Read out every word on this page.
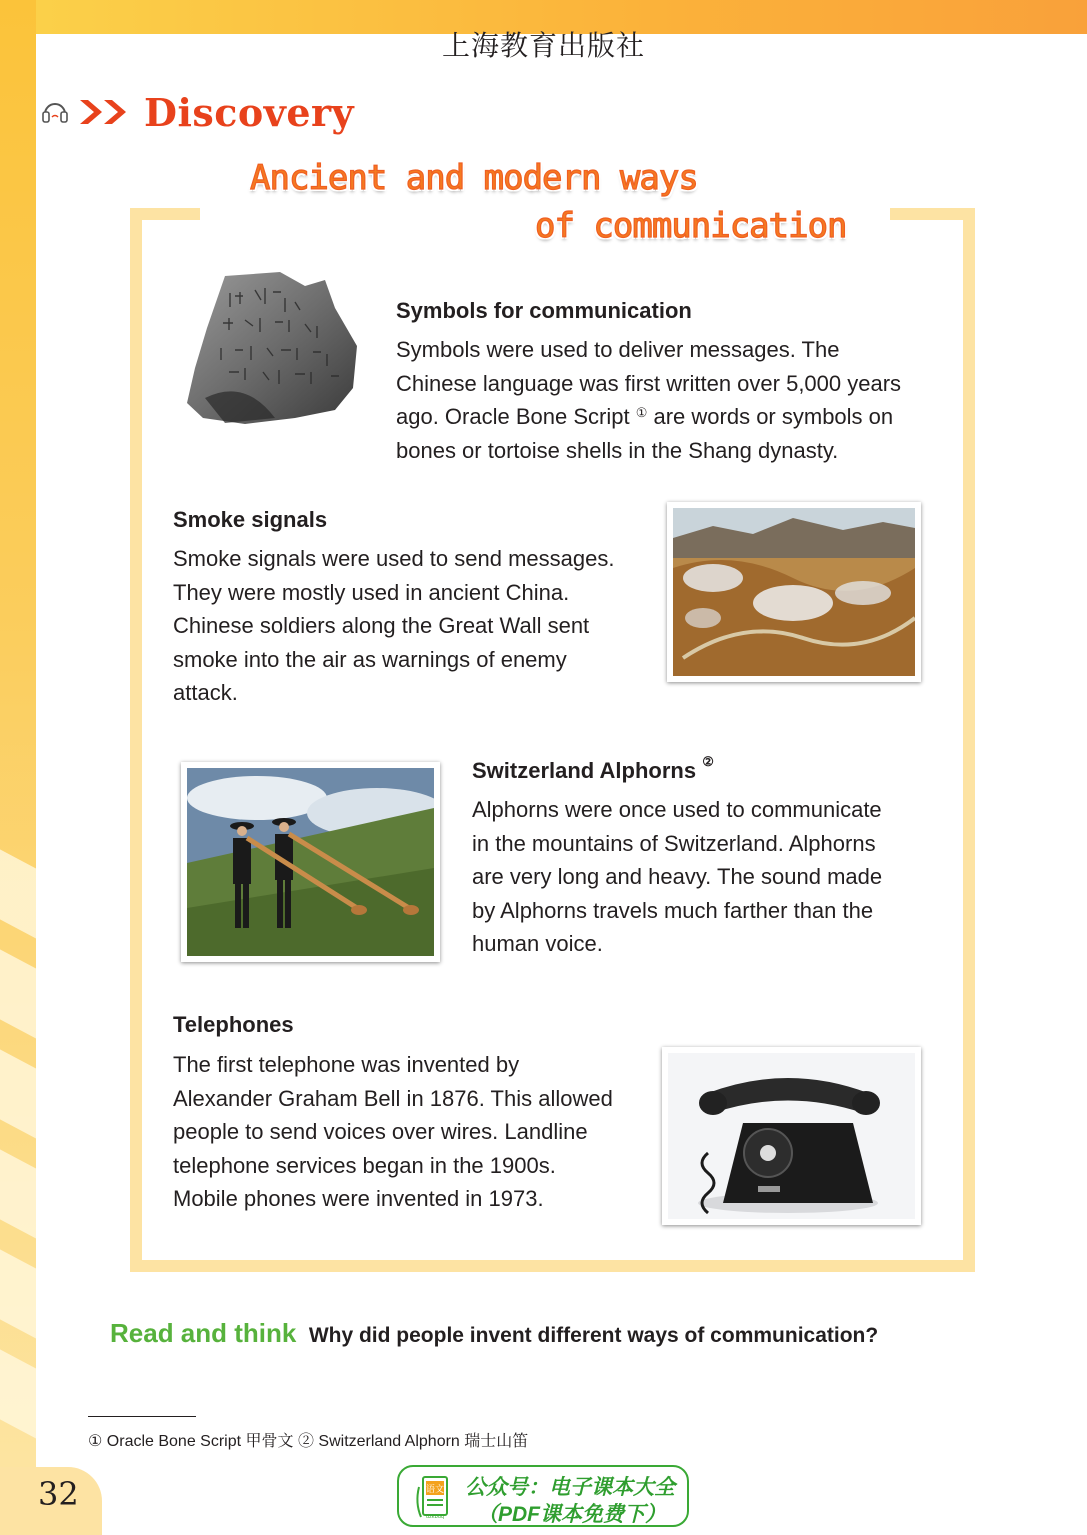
上海教育出版社
Discovery
Ancient and modern ways
of communication
Symbols for communication
Symbols were used to deliver messages. The
Chinese language was first written over 5,000 years
ago. Oracle Bone Script ① are words or symbols on
bones or tortoise shells in the Shang dynasty.
Smoke signals
Smoke signals were used to send messages.
They were mostly used in ancient China.
Chinese soldiers along the Great Wall sent
smoke into the air as warnings of enemy
attack.
Switzerland Alphorns ②
Alphorns were once used to communicate
in the mountains of Switzerland. Alphorns
are very long and heavy. The sound made
by Alphorns travels much farther than the
human voice.
Telephones
The first telephone was invented by
Alexander Graham Bell in 1876. This allowed
people to send voices over wires. Landline
telephone services began in the 1900s.
Mobile phones were invented in 1973.
Read and think Why did people invent different ways of communication?
① Oracle Bone Script 甲骨文 ② Switzerland Alphorn 瑞士山笛
32	语文
dzkbdq
公众号：电子课本大全
（PDF课本免费下）
